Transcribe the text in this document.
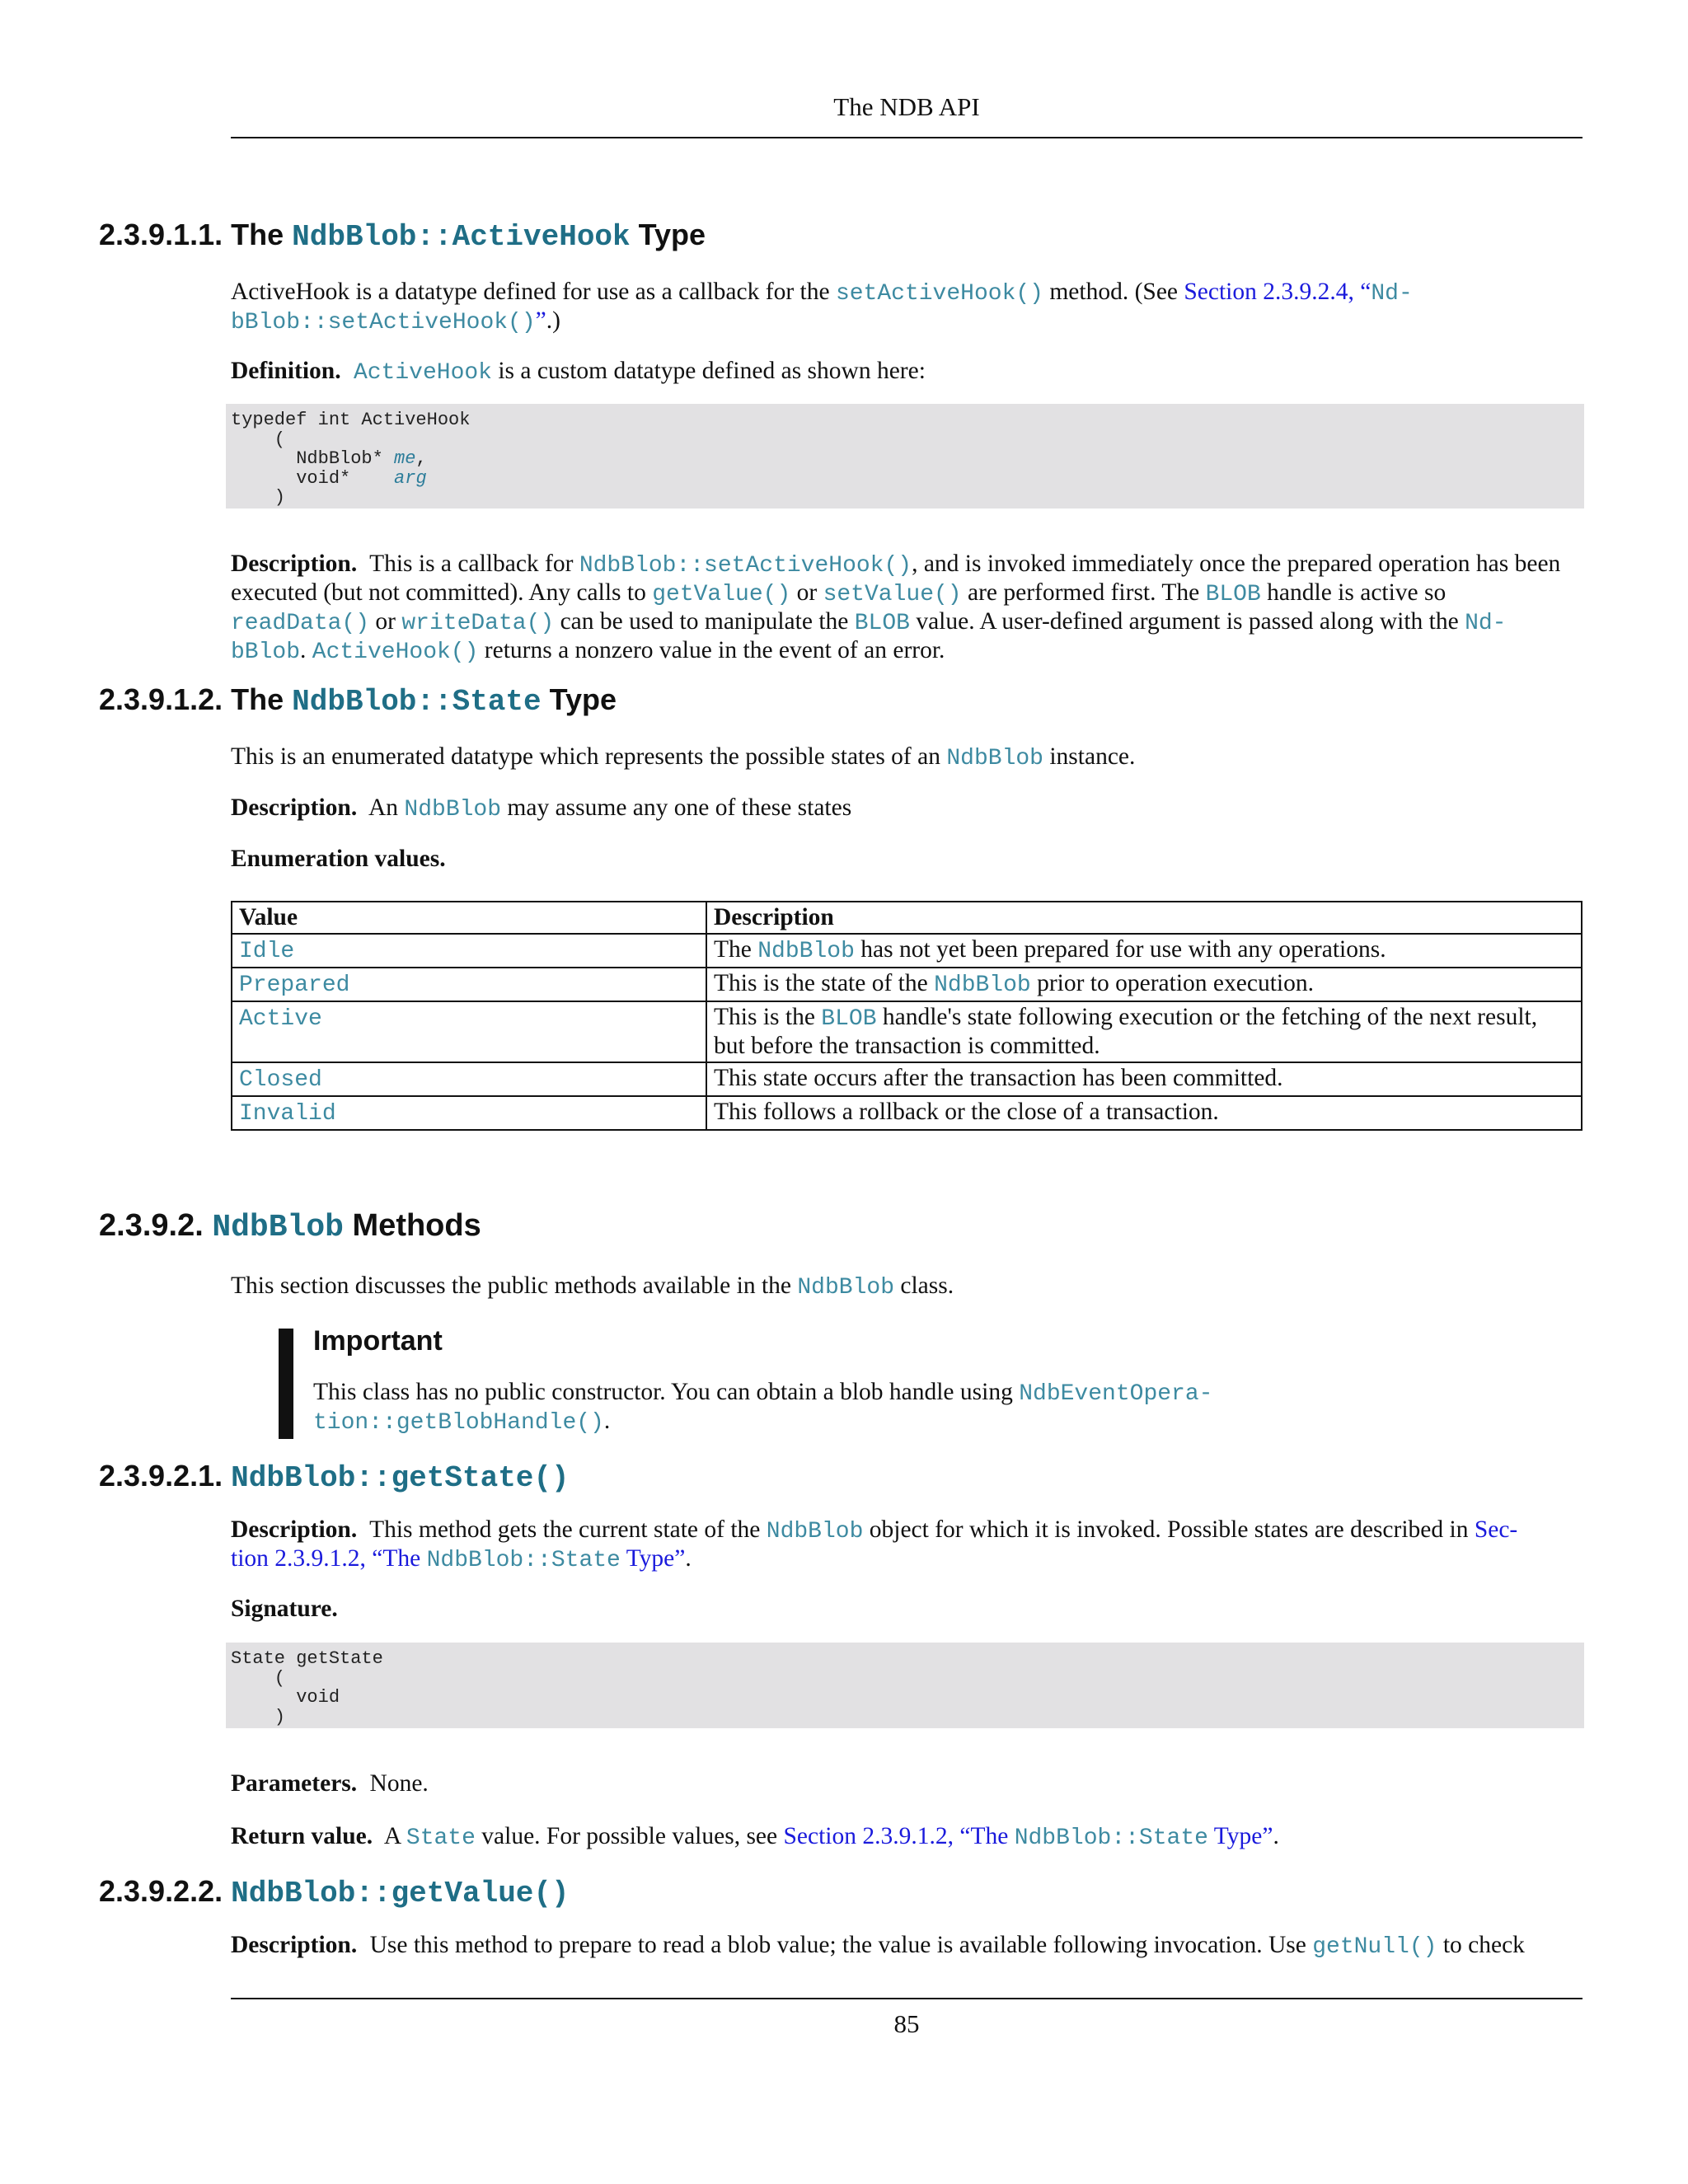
The NDB API
2.3.9.1.1. The NdbBlob::ActiveHook Type

ActiveHook is a datatype defined for use as a callback for the setActiveHook() method. (See Section 2.3.9.2.4, “Nd-
bBlob::setActiveHook()”.)

Definition. ActiveHook is a custom datatype defined as shown here:

typedef int ActiveHook
(
NdbBlob* me,
void*    arg
)

Description. This is a callback for NdbBlob::setActiveHook(), and is invoked immediately once the prepared operation has been executed (but not committed). Any calls to getValue() or setValue() are performed first. The BLOB handle is active so readData() or writeData() can be used to manipulate the BLOB value. A user-defined argument is passed along with the Nd-
bBlob. ActiveHook() returns a nonzero value in the event of an error.

2.3.9.1.2. The NdbBlob::State Type

This is an enumerated datatype which represents the possible states of an NdbBlob instance.

Description. An NdbBlob may assume any one of these states

Enumeration values.

Value	Description
Idle	The NdbBlob has not yet been prepared for use with any operations.
Prepared	This is the state of the NdbBlob prior to operation execution.
Active	This is the BLOB handle's state following execution or the fetching of the next result, but before the transaction is committed.
Closed	This state occurs after the transaction has been committed.
Invalid	This follows a rollback or the close of a transaction.
2.3.9.2. NdbBlob Methods

This section discusses the public methods available in the NdbBlob class.

Important
This class has no public constructor. You can obtain a blob handle using NdbEventOpera-
tion::getBlobHandle().
2.3.9.2.1. NdbBlob::getState()

Description. This method gets the current state of the NdbBlob object for which it is invoked. Possible states are described in Sec-
tion 2.3.9.1.2, “The NdbBlob::State Type”.

Signature.

State getState
(
void
)

Parameters. None.

Return value. A State value. For possible values, see Section 2.3.9.1.2, “The NdbBlob::State Type”.

2.3.9.2.2. NdbBlob::getValue()

Description. Use this method to prepare to read a blob value; the value is available following invocation. Use getNull() to check

85
